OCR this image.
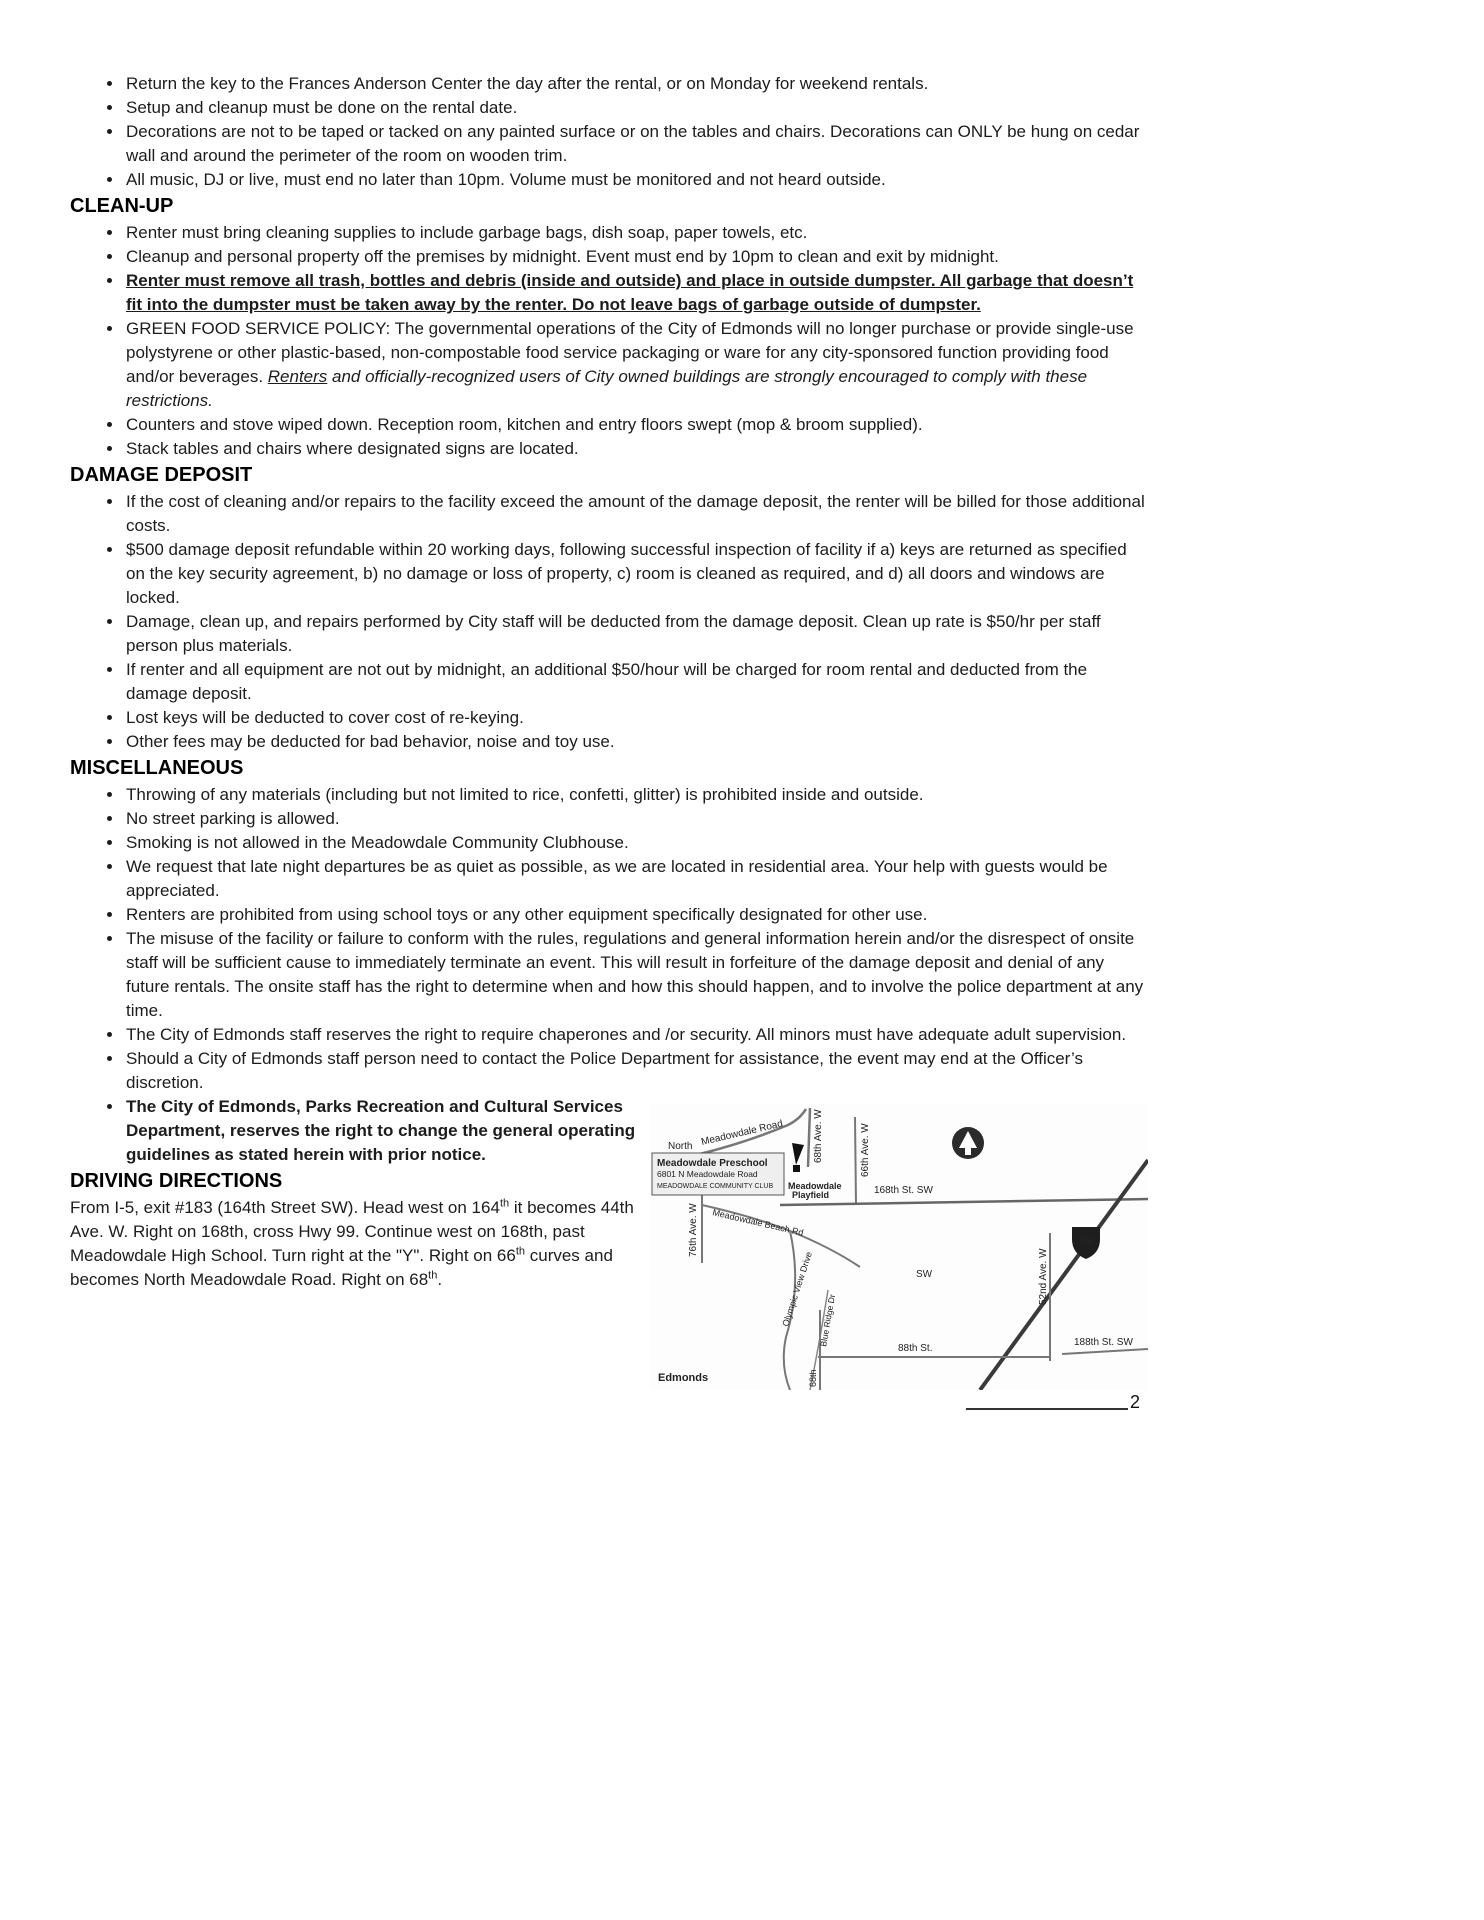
• Return the key to the Frances Anderson Center the day after the rental, or on Monday for weekend rentals.
• Setup and cleanup must be done on the rental date.
• Decorations are not to be taped or tacked on any painted surface or on the tables and chairs. Decorations can ONLY be hung on cedar wall and around the perimeter of the room on wooden trim.
• All music, DJ or live, must end no later than 10pm. Volume must be monitored and not heard outside.
CLEAN-UP
• Renter must bring cleaning supplies to include garbage bags, dish soap, paper towels, etc.
• Cleanup and personal property off the premises by midnight. Event must end by 10pm to clean and exit by midnight.
• Renter must remove all trash, bottles and debris (inside and outside) and place in outside dumpster. All garbage that doesn’t fit into the dumpster must be taken away by the renter. Do not leave bags of garbage outside of dumpster.
• GREEN FOOD SERVICE POLICY: The governmental operations of the City of Edmonds will no longer purchase or provide single-use polystyrene or other plastic-based, non-compostable food service packaging or ware for any city-sponsored function providing food and/or beverages. Renters and officially-recognized users of City owned buildings are strongly encouraged to comply with these restrictions.
• Counters and stove wiped down. Reception room, kitchen and entry floors swept (mop & broom supplied).
• Stack tables and chairs where designated signs are located.
DAMAGE DEPOSIT
• If the cost of cleaning and/or repairs to the facility exceed the amount of the damage deposit, the renter will be billed for those additional costs.
• $500 damage deposit refundable within 20 working days, following successful inspection of facility if a) keys are returned as specified on the key security agreement, b) no damage or loss of property, c) room is cleaned as required, and d) all doors and windows are locked.
• Damage, clean up, and repairs performed by City staff will be deducted from the damage deposit. Clean up rate is $50/hr per staff person plus materials.
• If renter and all equipment are not out by midnight, an additional $50/hour will be charged for room rental and deducted from the damage deposit.
• Lost keys will be deducted to cover cost of re-keying.
• Other fees may be deducted for bad behavior, noise and toy use.
MISCELLANEOUS
• Throwing of any materials (including but not limited to rice, confetti, glitter) is prohibited inside and outside.
• No street parking is allowed.
• Smoking is not allowed in the Meadowdale Community Clubhouse.
• We request that late night departures be as quiet as possible, as we are located in residential area. Your help with guests would be appreciated.
• Renters are prohibited from using school toys or any other equipment specifically designated for other use.
• The misuse of the facility or failure to conform with the rules, regulations and general information herein and/or the disrespect of onsite staff will be sufficient cause to immediately terminate an event. This will result in forfeiture of the damage deposit and denial of any future rentals. The onsite staff has the right to determine when and how this should happen, and to involve the police department at any time.
• The City of Edmonds staff reserves the right to require chaperones and /or security. All minors must have adequate adult supervision.
• Should a City of Edmonds staff person need to contact the Police Department for assistance, the event may end at the Officer’s discretion.
• The City of Edmonds, Parks Recreation and Cultural Services Department, reserves the right to change the general operating guidelines as stated herein with prior notice.
DRIVING DIRECTIONS

From I-5, exit #183 (164th Street SW). Head west on 164th it becomes 44th Ave. W. Right on 168th, cross Hwy 99. Continue west on 168th, past Meadowdale High School. Turn right at the "Y". Right on 66th curves and becomes North Meadowdale Road. Right on 68th.

Meadowdale Preschool
6801 N Meadowdale Road
MEADOWDALE COMMUNITY CLUB
Meadowdale Road	68th Ave. W
North	66th Ave. W
Meadowdale
Playfield	168th St. SW
76th Ave. W Meadowdale Beach Rd
Olympic View Drive Blue Ridge Dr
SW
99
52nd Ave. W
88th St.
188th St. SW
Edmonds	68th
2
